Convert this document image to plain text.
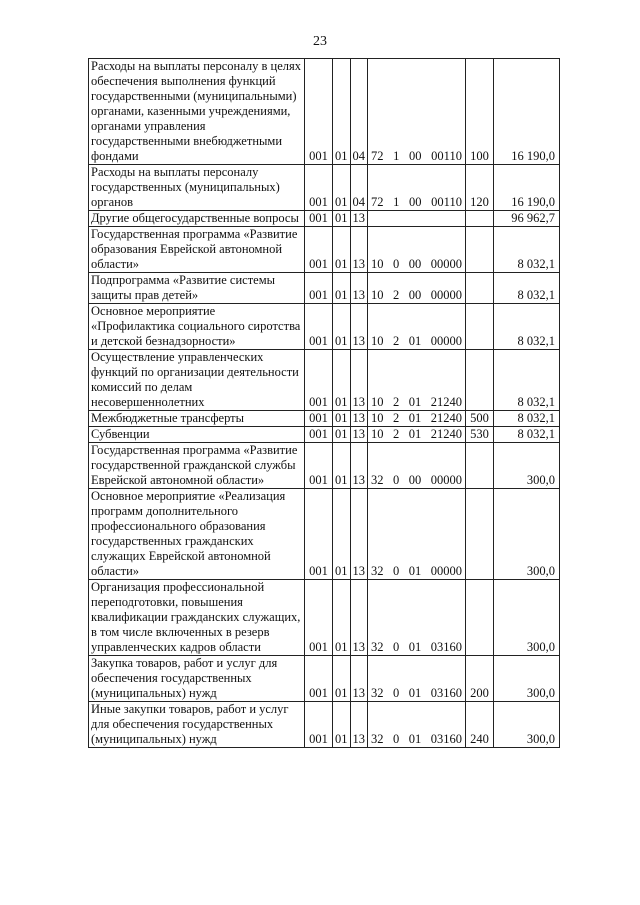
23
Расходы на выплаты персоналу в целях обеспечения выполнения функций государственными (муниципальными) органами, казенными учреждениями, органами управления государственными внебюджетными фондами	001	01	04	72 1 00 00110	100	16 190,0
Расходы на выплаты персоналу государственных (муниципальных) органов	001	01	04	72 1 00 00110	120	16 190,0
Другие общегосударственные вопросы	001	01	13			96 962,7
Государственная программа «Развитие образования Еврейской автономной области»	001	01	13	10 0 00 00000		8 032,1
Подпрограмма «Развитие системы защиты прав детей»	001	01	13	10 2 00 00000		8 032,1
Основное мероприятие «Профилактика социального сиротства и детской безнадзорности»	001	01	13	10 2 01 00000		8 032,1
Осуществление управленческих функций по организации деятельности комиссий по делам несовершеннолетних	001	01	13	10 2 01 21240		8 032,1
Межбюджетные трансферты	001	01	13	10 2 01 21240	500	8 032,1
Субвенции	001	01	13	10 2 01 21240	530	8 032,1
Государственная программа «Развитие государственной гражданской службы Еврейской автономной области»	001	01	13	32 0 00 00000		300,0
Основное мероприятие «Реализация программ дополнительного профессионального образования государственных гражданских служащих Еврейской автономной области»	001	01	13	32 0 01 00000		300,0
Организация профессиональной переподготовки, повышения квалификации гражданских служащих, в том числе включенных в резерв управленческих кадров области	001	01	13	32 0 01 03160		300,0
Закупка товаров, работ и услуг для обеспечения государственных (муниципальных) нужд	001	01	13	32 0 01 03160	200	300,0
Иные закупки товаров, работ и услуг для обеспечения государственных (муниципальных) нужд	001	01	13	32 0 01 03160	240	300,0
